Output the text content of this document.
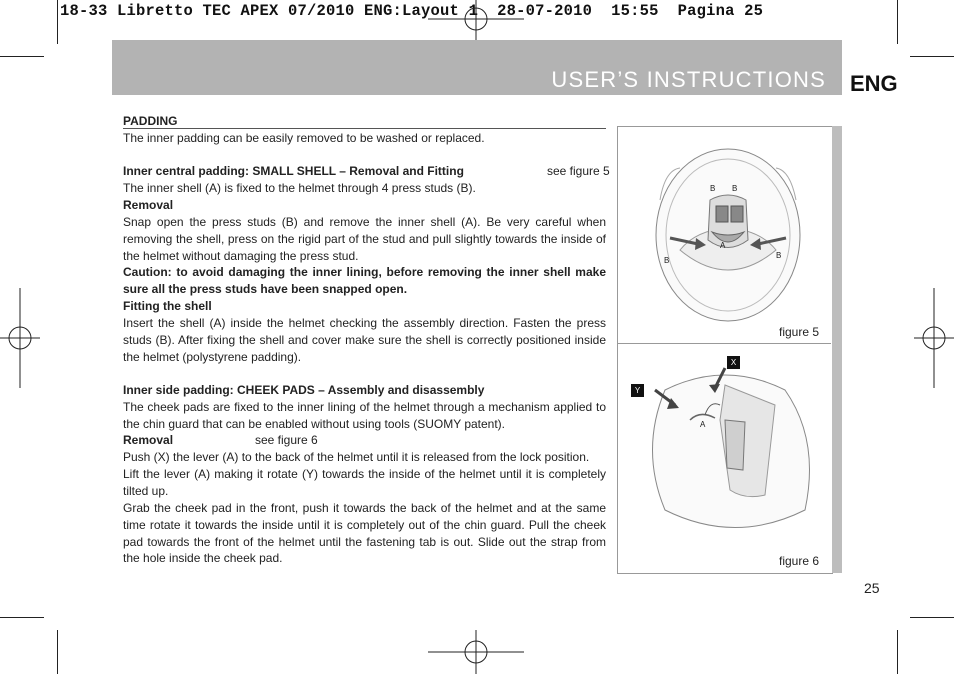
18-33 Libretto TEC APEX 07/2010 ENG:Layout 1  28-07-2010  15:55  Pagina 25
USER’S INSTRUCTIONS ENG
PADDING
The inner padding can be easily removed to be washed or replaced.
Inner central padding: SMALL SHELL – Removal and Fitting	see figure 5
The inner shell (A) is fixed to the helmet through 4 press studs (B).
Removal
Snap open the press studs (B) and remove the inner shell (A). Be very careful when removing the shell, press on the rigid part of the stud and pull slightly towards the inside of the helmet without damaging the press stud.
Caution: to avoid damaging the inner lining, before removing the inner shell make sure all the press studs have been snapped open.
Fitting the shell
Insert the shell (A) inside the helmet checking the assembly direction. Fasten the press studs (B). After fixing the shell and cover make sure the shell is correctly positioned inside the helmet (polystyrene padding).
Inner side padding: CHEEK PADS – Assembly and disassembly
The cheek pads are fixed to the inner lining of the helmet through a mechanism applied to the chin guard that can be enabled without using tools (SUOMY patent).
Removal	see figure 6
Push (X) the lever (A) to the back of the helmet until it is released from the lock position.
Lift the lever (A) making it rotate (Y) towards the inside of the helmet until it is completely tilted up.
Grab the cheek pad in the front, push it towards the back of the helmet and at the same time rotate it towards the inside until it is completely out of the chin guard. Pull the cheek pad towards the front of the helmet until the fastening tab is out. Slide out the strap from the hole inside the cheek pad.
B B
A
B
B
figure 5
X
Y
A
figure 6
25
